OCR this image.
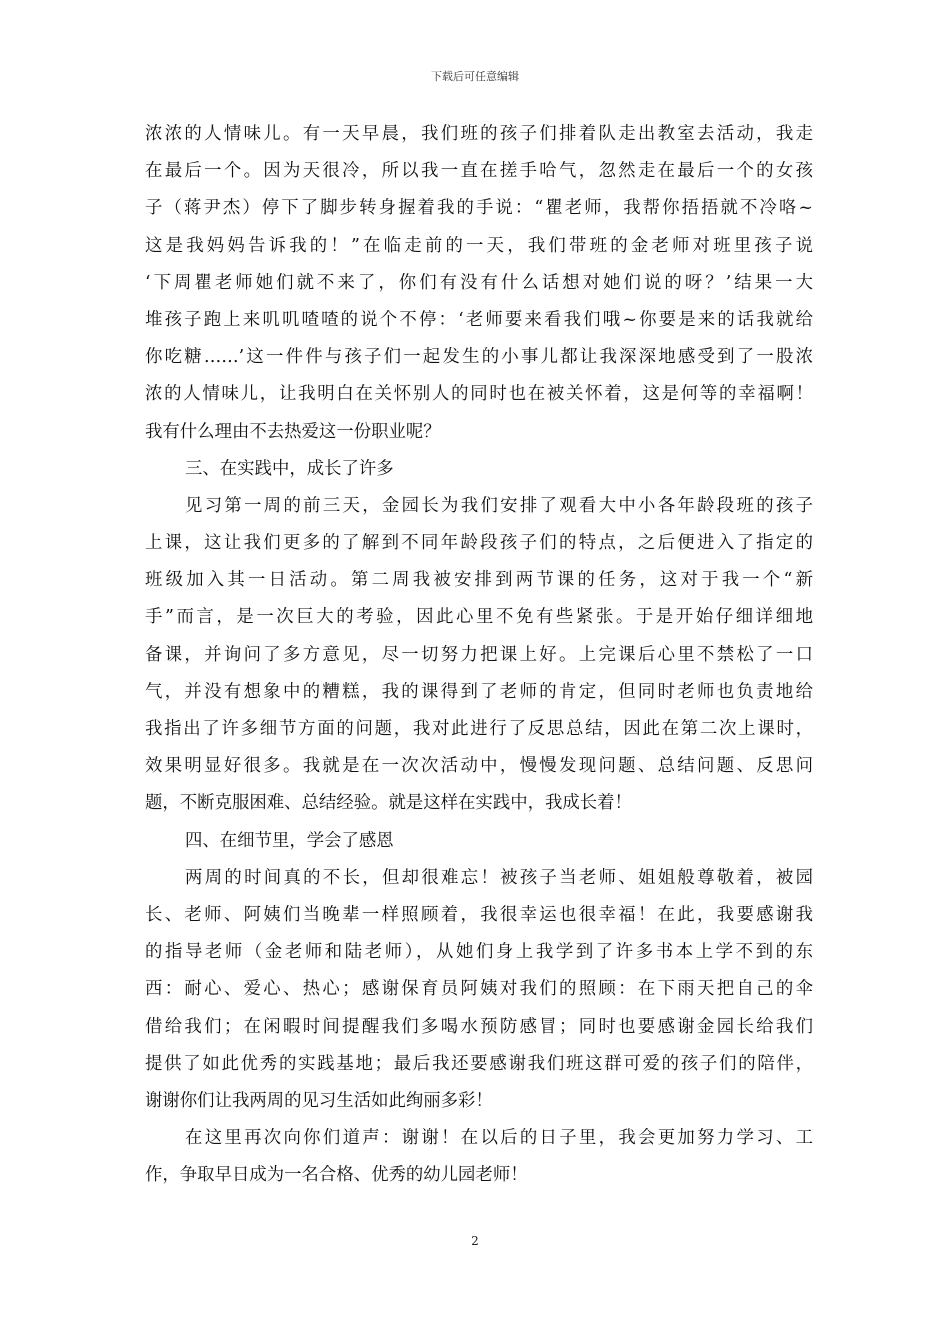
下载后可任意编辑
浓浓的人情味儿。有一天早晨，我们班的孩子们排着队走出教室去活动，我走
在最后一个。因为天很冷，所以我一直在搓手哈气，忽然走在最后一个的女孩
子（蒋尹杰）停下了脚步转身握着我的手说：“瞿老师，我帮你捂捂就不冷咯~
这是我妈妈告诉我的！”在临走前的一天，我们带班的金老师对班里孩子说
‘下周瞿老师她们就不来了，你们有没有什么话想对她们说的呀？’结果一大
堆孩子跑上来叽叽喳喳的说个不停：‘老师要来看我们哦~你要是来的话我就给
你吃糖……’这一件件与孩子们一起发生的小事儿都让我深深地感受到了一股浓
浓的人情味儿，让我明白在关怀别人的同时也在被关怀着，这是何等的幸福啊！
我有什么理由不去热爱这一份职业呢？
三、在实践中，成长了许多
见习第一周的前三天，金园长为我们安排了观看大中小各年龄段班的孩子
上课，这让我们更多的了解到不同年龄段孩子们的特点，之后便进入了指定的
班级加入其一日活动。第二周我被安排到两节课的任务，这对于我一个“新
手”而言，是一次巨大的考验，因此心里不免有些紧张。于是开始仔细详细地
备课，并询问了多方意见，尽一切努力把课上好。上完课后心里不禁松了一口
气，并没有想象中的糟糕，我的课得到了老师的肯定，但同时老师也负责地给
我指出了许多细节方面的问题，我对此进行了反思总结，因此在第二次上课时，
效果明显好很多。我就是在一次次活动中，慢慢发现问题、总结问题、反思问
题，不断克服困难、总结经验。就是这样在实践中，我成长着！
四、在细节里，学会了感恩
两周的时间真的不长，但却很难忘！被孩子当老师、姐姐般尊敬着，被园
长、老师、阿姨们当晚辈一样照顾着，我很幸运也很幸福！在此，我要感谢我
的指导老师（金老师和陆老师），从她们身上我学到了许多书本上学不到的东
西：耐心、爱心、热心；感谢保育员阿姨对我们的照顾：在下雨天把自己的伞
借给我们；在闲暇时间提醒我们多喝水预防感冒；同时也要感谢金园长给我们
提供了如此优秀的实践基地；最后我还要感谢我们班这群可爱的孩子们的陪伴，
谢谢你们让我两周的见习生活如此绚丽多彩！
在这里再次向你们道声：谢谢！在以后的日子里，我会更加努力学习、工
作，争取早日成为一名合格、优秀的幼儿园老师！
2
